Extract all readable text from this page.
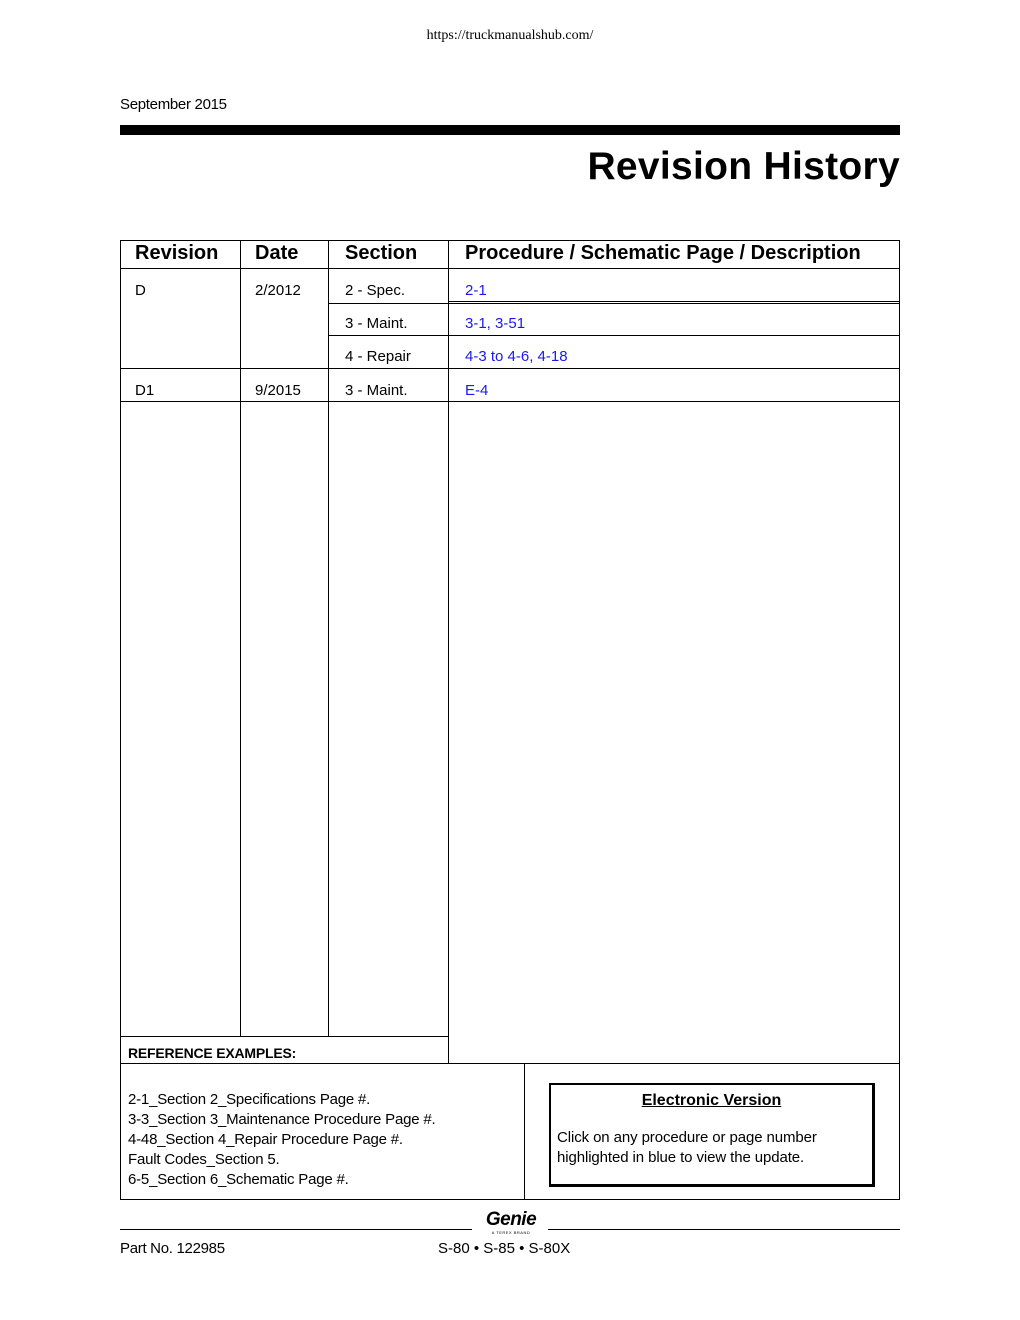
https://truckmanualshub.com/
September 2015
Revision History
Revision Date Section Procedure / Schematic Page / Description
D	2/2012	2 - Spec.	2-1
3 - Maint.	3-1, 3-51
4 - Repair	4-3 to 4-6, 4-18
D1	9/2015	3 - Maint.	E-4
REFERENCE EXAMPLES:
2-1_Section 2_Specifications Page #.
3-3_Section 3_Maintenance Procedure Page #.
4-48_Section 4_Repair Procedure Page #.
Fault Codes_Section 5.
6-5_Section 6_Schematic Page #.
Electronic Version
Click on any procedure or page number
highlighted in blue to view the update.
Genie
A TEREX BRAND
Part No. 122985	S-80 • S-85 • S-80X
